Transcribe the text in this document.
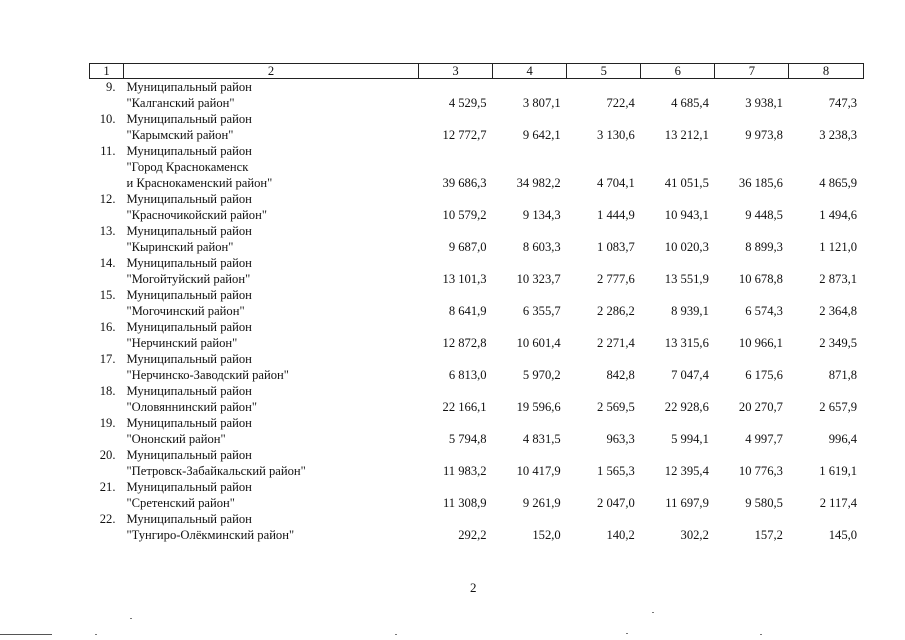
1	2	3	4	5	6	7	8
9.	Муниципальный район						
	"Калганский район"	4 529,5	3 807,1	722,4	4 685,4	3 938,1	747,3
10.	Муниципальный район						
	"Карымский район"	12 772,7	9 642,1	3 130,6	13 212,1	9 973,8	3 238,3
11.	Муниципальный район						
	"Город Краснокаменск						
	и Краснокаменский район"	39 686,3	34 982,2	4 704,1	41 051,5	36 185,6	4 865,9
12.	Муниципальный район						
	"Красночикойский район"	10 579,2	9 134,3	1 444,9	10 943,1	9 448,5	1 494,6
13.	Муниципальный район						
	"Кыринский район"	9 687,0	8 603,3	1 083,7	10 020,3	8 899,3	1 121,0
14.	Муниципальный район						
	"Могойтуйский район"	13 101,3	10 323,7	2 777,6	13 551,9	10 678,8	2 873,1
15.	Муниципальный район						
	"Могочинский район"	8 641,9	6 355,7	2 286,2	8 939,1	6 574,3	2 364,8
16.	Муниципальный район						
	"Нерчинский район"	12 872,8	10 601,4	2 271,4	13 315,6	10 966,1	2 349,5
17.	Муниципальный район						
	"Нерчинско-Заводский район"	6 813,0	5 970,2	842,8	7 047,4	6 175,6	871,8
18.	Муниципальный район						
	"Оловяннинский район"	22 166,1	19 596,6	2 569,5	22 928,6	20 270,7	2 657,9
19.	Муниципальный район						
	"Ононский район"	5 794,8	4 831,5	963,3	5 994,1	4 997,7	996,4
20.	Муниципальный район						
	"Петровск-Забайкальский район"	11 983,2	10 417,9	1 565,3	12 395,4	10 776,3	1 619,1
21.	Муниципальный район						
	"Сретенский район"	11 308,9	9 261,9	2 047,0	11 697,9	9 580,5	2 117,4
22.	Муниципальный район						
	"Тунгиро-Олёкминский район"	292,2	152,0	140,2	302,2	157,2	145,0
2
